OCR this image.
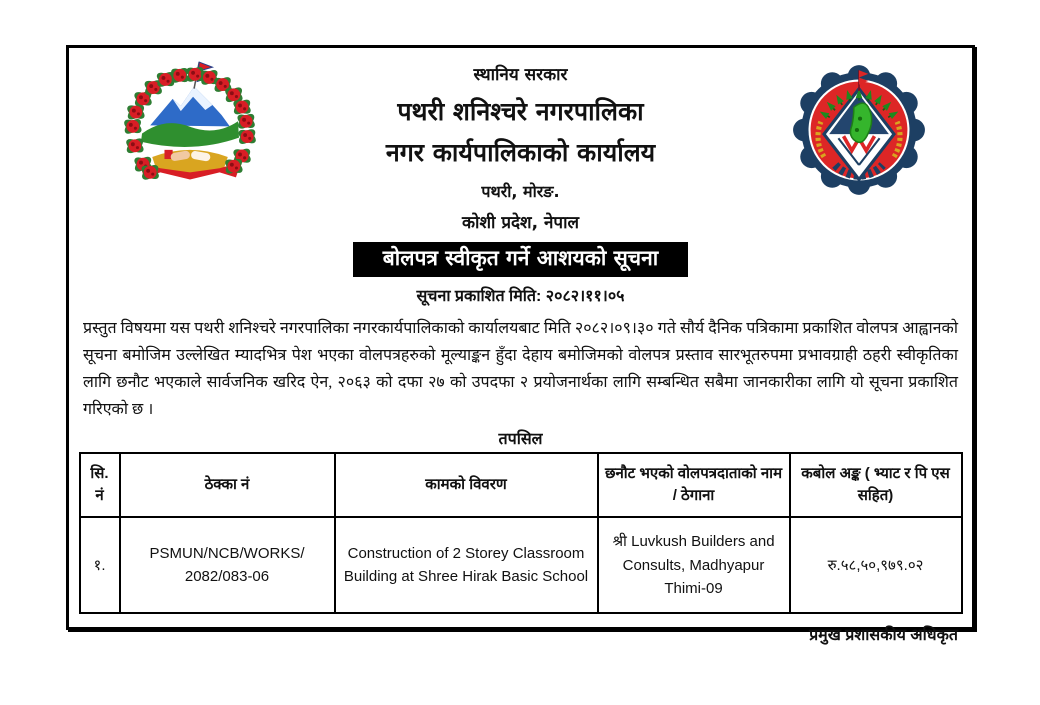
स्थानिय सरकार
पथरी शनिश्चरे नगरपालिका
नगर कार्यपालिकाको कार्यालय
पथरी, मोरङ.
कोशी प्रदेश, नेपाल
बोलपत्र स्वीकृत गर्ने आशयको सूचना
सूचना प्रकाशित मिति: २०८२।११।०५
प्रस्तुत विषयमा यस पथरी शनिश्चरे नगरपालिका नगरकार्यपालिकाको कार्यालयबाट मिति २०८२।०९।३० गते सौर्य दैनिक पत्रिकामा प्रकाशित वोलपत्र आह्वानको सूचना बमोजिम उल्लेखित म्यादभित्र पेश भएका वोलपत्रहरुको मूल्याङ्कन हुँदा देहाय बमोजिमको वोलपत्र प्रस्ताव सारभूतरुपमा प्रभावग्राही ठहरी स्वीकृतिका लागि छनौट भएकाले सार्वजनिक खरिद ऐन, २०६३ को दफा २७ को उपदफा २ प्रयोजनार्थका लागि सम्बन्धित सबैमा जानकारीका लागि यो सूचना प्रकाशित गरिएको छ ।
तपसिल
सि. नं	ठेक्का नं	कामको विवरण	छनौट भएको वोलपत्रदाताको नाम / ठेगाना	कबोल अङ्क ( भ्याट र पि एस सहित)
१.	PSMUN/NCB/WORKS/ 2082/083-06	Construction of 2 Storey Classroom Building at Shree Hirak Basic School	श्री Luvkush Builders and Consults, Madhyapur Thimi-09	रु.५८,५०,९७९.०२
प्रमुख प्रशासकीय अधिकृत
